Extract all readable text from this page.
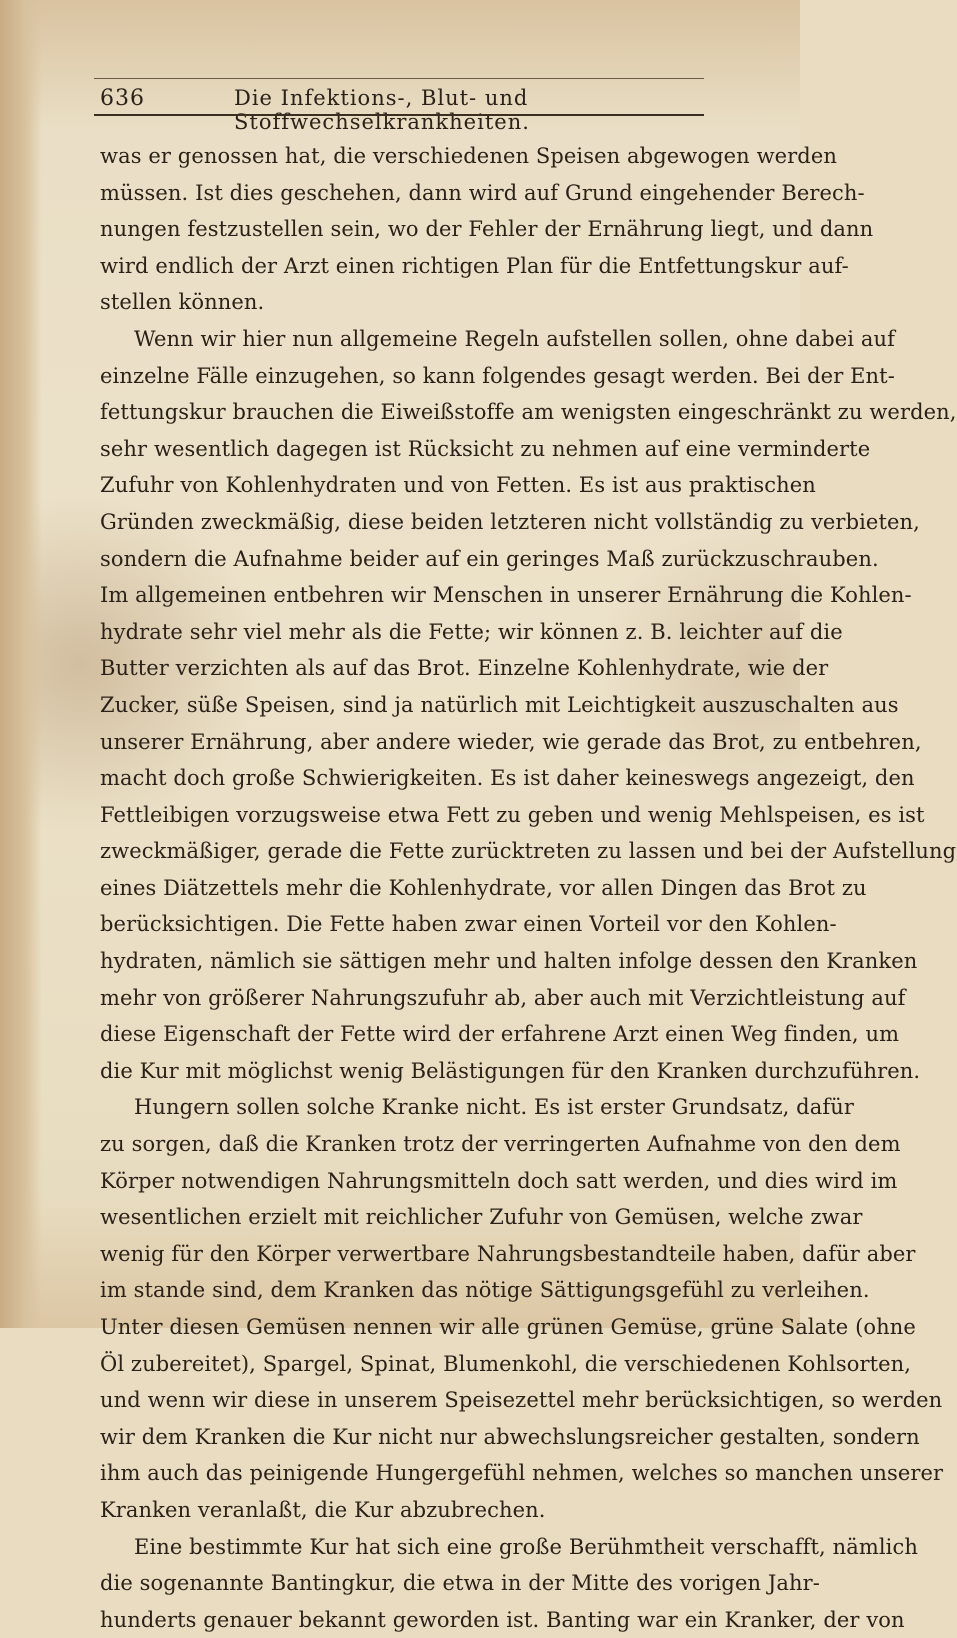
636	Die Infektions-, Blut- und Stoffwechselkrankheiten.
was er genossen hat, die verschiedenen Speisen abgewogen werden
müssen. Ist dies geschehen, dann wird auf Grund eingehender Berech-
nungen festzustellen sein, wo der Fehler der Ernährung liegt, und dann
wird endlich der Arzt einen richtigen Plan für die Entfettungskur auf-
stellen können.
Wenn wir hier nun allgemeine Regeln aufstellen sollen, ohne dabei auf
einzelne Fälle einzugehen, so kann folgendes gesagt werden. Bei der Ent-
fettungskur brauchen die Eiweißstoffe am wenigsten eingeschränkt zu werden,
sehr wesentlich dagegen ist Rücksicht zu nehmen auf eine verminderte
Zufuhr von Kohlenhydraten und von Fetten. Es ist aus praktischen
Gründen zweckmäßig, diese beiden letzteren nicht vollständig zu verbieten,
sondern die Aufnahme beider auf ein geringes Maß zurückzuschrauben.
Im allgemeinen entbehren wir Menschen in unserer Ernährung die Kohlen-
hydrate sehr viel mehr als die Fette; wir können z. B. leichter auf die
Butter verzichten als auf das Brot. Einzelne Kohlenhydrate, wie der
Zucker, süße Speisen, sind ja natürlich mit Leichtigkeit auszuschalten aus
unserer Ernährung, aber andere wieder, wie gerade das Brot, zu entbehren,
macht doch große Schwierigkeiten. Es ist daher keineswegs angezeigt, den
Fettleibigen vorzugsweise etwa Fett zu geben und wenig Mehlspeisen, es ist
zweckmäßiger, gerade die Fette zurücktreten zu lassen und bei der Aufstellung
eines Diätzettels mehr die Kohlenhydrate, vor allen Dingen das Brot zu
berücksichtigen. Die Fette haben zwar einen Vorteil vor den Kohlen-
hydraten, nämlich sie sättigen mehr und halten infolge dessen den Kranken
mehr von größerer Nahrungszufuhr ab, aber auch mit Verzichtleistung auf
diese Eigenschaft der Fette wird der erfahrene Arzt einen Weg finden, um
die Kur mit möglichst wenig Belästigungen für den Kranken durchzuführen.
Hungern sollen solche Kranke nicht. Es ist erster Grundsatz, dafür
zu sorgen, daß die Kranken trotz der verringerten Aufnahme von den dem
Körper notwendigen Nahrungsmitteln doch satt werden, und dies wird im
wesentlichen erzielt mit reichlicher Zufuhr von Gemüsen, welche zwar
wenig für den Körper verwertbare Nahrungsbestandteile haben, dafür aber
im stande sind, dem Kranken das nötige Sättigungsgefühl zu verleihen.
Unter diesen Gemüsen nennen wir alle grünen Gemüse, grüne Salate (ohne
Öl zubereitet), Spargel, Spinat, Blumenkohl, die verschiedenen Kohlsorten,
und wenn wir diese in unserem Speisezettel mehr berücksichtigen, so werden
wir dem Kranken die Kur nicht nur abwechslungsreicher gestalten, sondern
ihm auch das peinigende Hungergefühl nehmen, welches so manchen unserer
Kranken veranlaßt, die Kur abzubrechen.
Eine bestimmte Kur hat sich eine große Berühmtheit verschafft, nämlich
die sogenannte Bantingkur, die etwa in der Mitte des vorigen Jahr-
hunderts genauer bekannt geworden ist. Banting war ein Kranker, der von
